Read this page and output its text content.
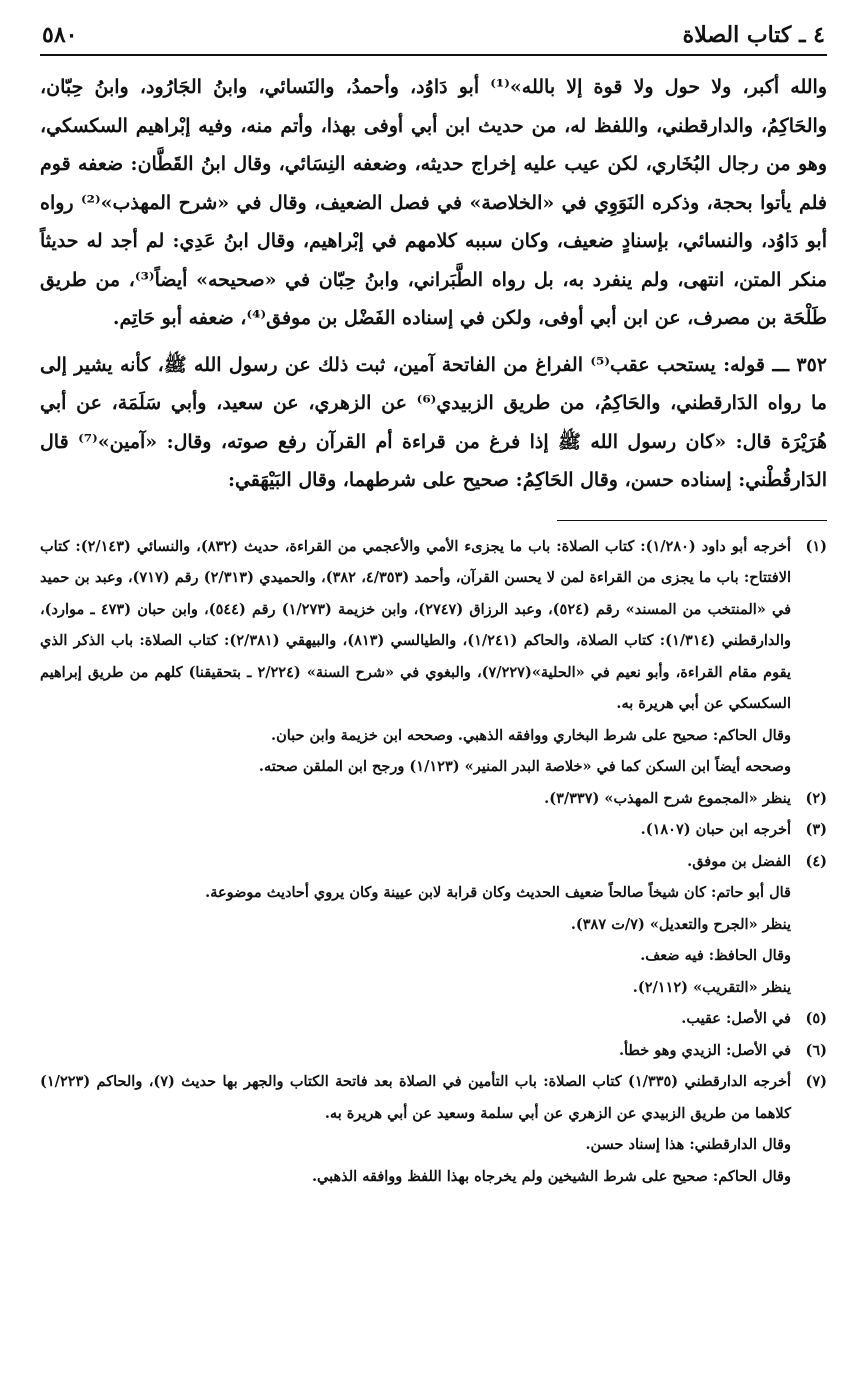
٤ ـ كتاب الصلاة
٥٨٠

والله أكبر، ولا حول ولا قوة إلا بالله»⁽¹⁾ أبو دَاوُد، وأحمدُ، والنَسائي، وابنُ الجَارُود، وابنُ حِبّان، والحَاكِمُ، والدارقطني، واللفظ له، من حديث ابن أبي أوفى بهذا، وأتم منه، وفيه إبْراهيم السكسكي، وهو من رجال البُخَاري، لكن عيب عليه إخراج حديثه، وضعفه النِسَائي، وقال ابنُ القَطَّان: ضعفه قوم فلم يأتوا بحجة، وذكره النَوَوِي في «الخلاصة» في فصل الضعيف، وقال في «شرح المهذب»⁽²⁾ رواه أبو دَاوُد، والنسائي، بإسنادٍ ضعيف، وكان سببه كلامهم في إبْراهيم، وقال ابنُ عَدِي: لم أجد له حديثاً منكر المتن، انتهى، ولم ينفرد به، بل رواه الطَّبَراني، وابنُ حِبّان في «صحيحه» أيضاً⁽³⁾، من طريق طَلْحَة بن مصرف، عن ابن أبي أوفى، ولكن في إسناده الفَضْل بن موفق⁽⁴⁾، ضعفه أبو حَاتِم.

٣٥٢ ـــ قوله: يستحب عقب⁽⁵⁾ الفراغ من الفاتحة آمين، ثبت ذلك عن رسول الله ﷺ، كأنه يشير إلى ما رواه الدَارقطني، والحَاكِمُ، من طريق الزبيدي⁽⁶⁾ عن الزهري، عن سعيد، وأبي سَلَمَة، عن أبي هُرَيْرَة قال: «كان رسول الله ﷺ إذا فرغ من قراءة أم القرآن رفع صوته، وقال: «آمين»⁽⁷⁾ قال الدَارقُطْني: إسناده حسن، وقال الحَاكِمُ: صحيح على شرطهما، وقال البَيْهَقي:

(١)
أخرجه أبو داود (١/٢٨٠): كتاب الصلاة: باب ما يجزىء الأمي والأعجمي من القراءة، حديث (٨٣٢)، والنسائي (٢/١٤٣): كتاب الافتتاح: باب ما يجزى من القراءة لمن لا يحسن القرآن، وأحمد (٤/٣٥٣، ٣٨٢)، والحميدي (٢/٣١٣) رقم (٧١٧)، وعبد بن حميد في «المنتخب من المسند» رقم (٥٢٤)، وعبد الرزاق (٢٧٤٧)، وابن خزيمة (١/٢٧٣) رقم (٥٤٤)، وابن حبان (٤٧٣ ـ موارد)، والدارقطني (١/٣١٤): كتاب الصلاة، والحاكم (١/٢٤١)، والطيالسي (٨١٣)، والبيهقي (٢/٣٨١): كتاب الصلاة: باب الذكر الذي يقوم مقام القراءة، وأبو نعيم في «الحلية»(٧/٢٢٧)، والبغوي في «شرح السنة» (٢/٢٢٤ ـ بتحقيقنا) كلهم من طريق إبراهيم السكسكي عن أبي هريرة به.
وقال الحاكم: صحيح على شرط البخاري ووافقه الذهبي. وصححه ابن خزيمة وابن حبان.
وصححه أيضاً ابن السكن كما في «خلاصة البدر المنير» (١/١٢٣) ورجح ابن الملقن صحته.
(٢)
ينظر «المجموع شرح المهذب» (٣/٣٣٧).
(٣)
أخرجه ابن حبان (١٨٠٧).
(٤)
الفضل بن موفق.
قال أبو حاتم: كان شيخاً صالحاً ضعيف الحديث وكان قرابة لابن عيينة وكان يروي أحاديث موضوعة.
ينظر «الجرح والتعديل» (٧/ت ٣٨٧).
وقال الحافظ: فيه ضعف.
ينظر «التقريب» (٢/١١٢).
(٥)
في الأصل: عقيب.
(٦)
في الأصل: الزيدي وهو خطأ.
(٧)
أخرجه الدارقطني (١/٣٣٥) كتاب الصلاة: باب التأمين في الصلاة بعد فاتحة الكتاب والجهر بها حديث (٧)، والحاكم (١/٢٢٣) كلاهما من طريق الزبيدي عن الزهري عن أبي سلمة وسعيد عن أبي هريرة به.
وقال الدارقطني: هذا إسناد حسن.
وقال الحاكم: صحيح على شرط الشيخين ولم يخرجاه بهذا اللفظ ووافقه الذهبي.
